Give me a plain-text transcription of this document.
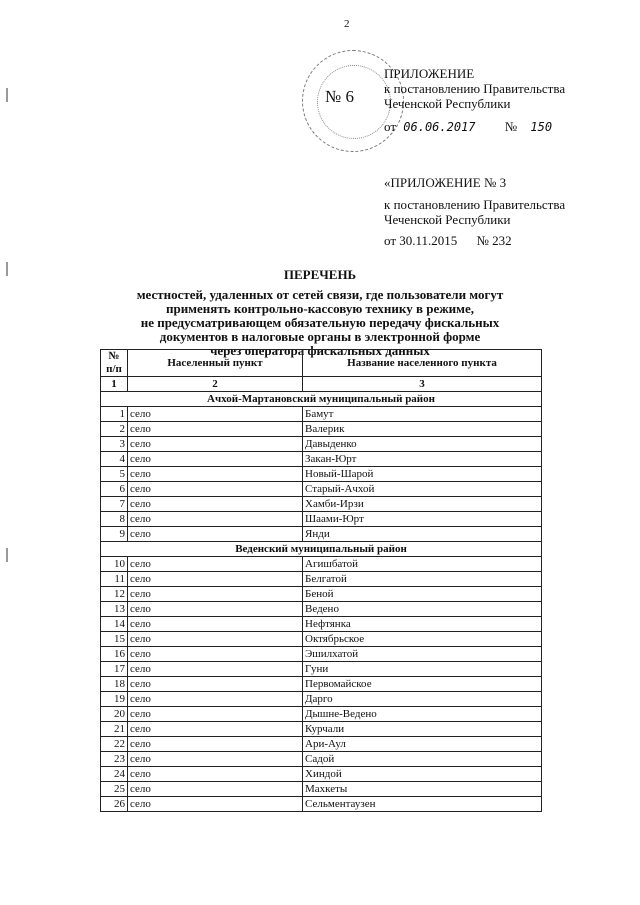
2
№ 6
ПРИЛОЖЕНИЕ
к постановлению Правительства
Чеченской Республики
от 06.06.2017 № 150
«ПРИЛОЖЕНИЕ № 3
к постановлению Правительства
Чеченской Республики
от 30.11.2015 № 232
ПЕРЕЧЕНЬ
местностей, удаленных от сетей связи, где пользователи могут
применять контрольно-кассовую технику в режиме,
не предусматривающем обязательную передачу фискальных
документов в налоговые органы в электронной форме
через оператора фискальных данных
№ п/п	Населенный пункт	Название населенного пункта
1	2	3
Ачхой-Мартановский муниципальный район		
1	село	Бамут
2	село	Валерик
3	село	Давыденко
4	село	Закан-Юрт
5	село	Новый-Шарой
6	село	Старый-Ачхой
7	село	Хамби-Ирзи
8	село	Шаами-Юрт
9	село	Янди
Веденский муниципальный район		
10	село	Агишбатой
11	село	Белгатой
12	село	Беной
13	село	Ведено
14	село	Нефтянка
15	село	Октябрьское
16	село	Эшилхатой
17	село	Гуни
18	село	Первомайское
19	село	Дарго
20	село	Дышне-Ведено
21	село	Курчали
22	село	Ари-Аул
23	село	Садой
24	село	Хиндой
25	село	Махкеты
26	село	Сельментаузен
